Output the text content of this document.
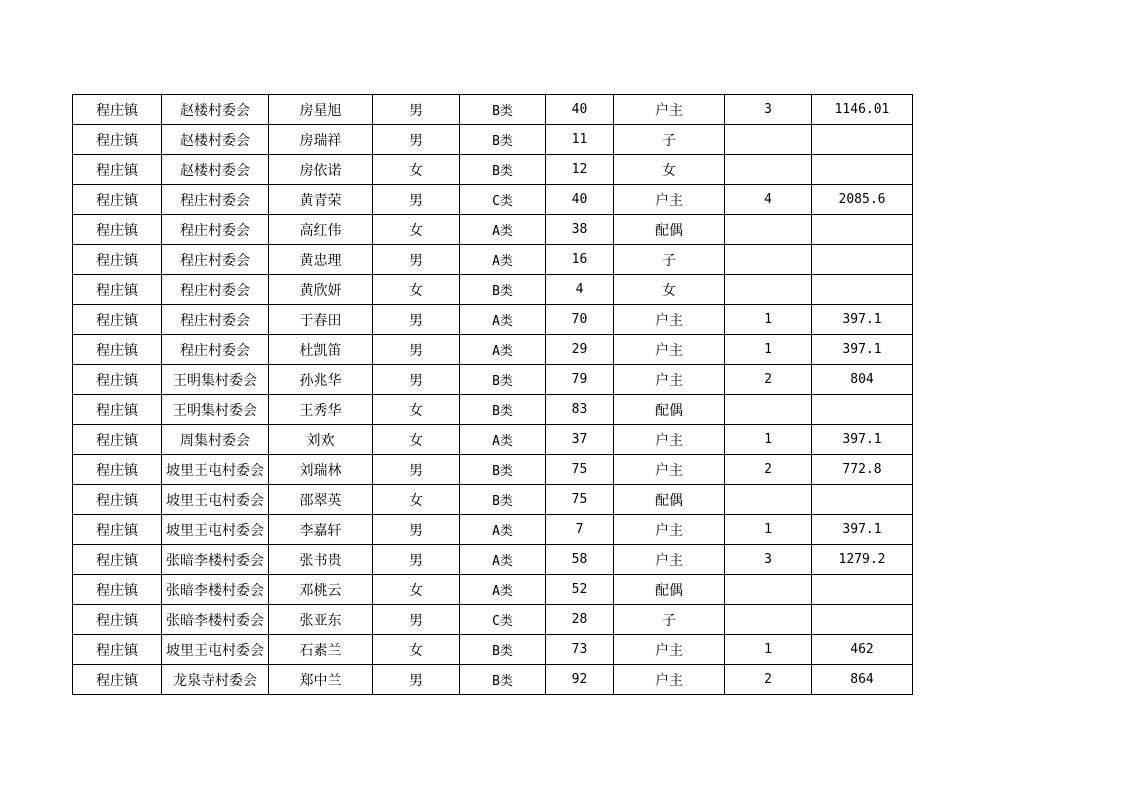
程庄镇	赵楼村委会	房星旭	男	B类	40	户主	3	1146.01
程庄镇	赵楼村委会	房瑞祥	男	B类	11	子		
程庄镇	赵楼村委会	房依诺	女	B类	12	女		
程庄镇	程庄村委会	黄青荣	男	C类	40	户主	4	2085.6
程庄镇	程庄村委会	高红伟	女	A类	38	配偶		
程庄镇	程庄村委会	黄忠理	男	A类	16	子		
程庄镇	程庄村委会	黄欣妍	女	B类	4	女		
程庄镇	程庄村委会	于春田	男	A类	70	户主	1	397.1
程庄镇	程庄村委会	杜凯笛	男	A类	29	户主	1	397.1
程庄镇	王明集村委会	孙兆华	男	B类	79	户主	2	804
程庄镇	王明集村委会	王秀华	女	B类	83	配偶		
程庄镇	周集村委会	刘欢	女	A类	37	户主	1	397.1
程庄镇	坡里王屯村委会	刘瑞林	男	B类	75	户主	2	772.8
程庄镇	坡里王屯村委会	邵翠英	女	B类	75	配偶		
程庄镇	坡里王屯村委会	李嘉轩	男	A类	7	户主	1	397.1
程庄镇	张暗李楼村委会	张书贵	男	A类	58	户主	3	1279.2
程庄镇	张暗李楼村委会	邓桃云	女	A类	52	配偶		
程庄镇	张暗李楼村委会	张亚东	男	C类	28	子		
程庄镇	坡里王屯村委会	石素兰	女	B类	73	户主	1	462
程庄镇	龙泉寺村委会	郑中兰	男	B类	92	户主	2	864
